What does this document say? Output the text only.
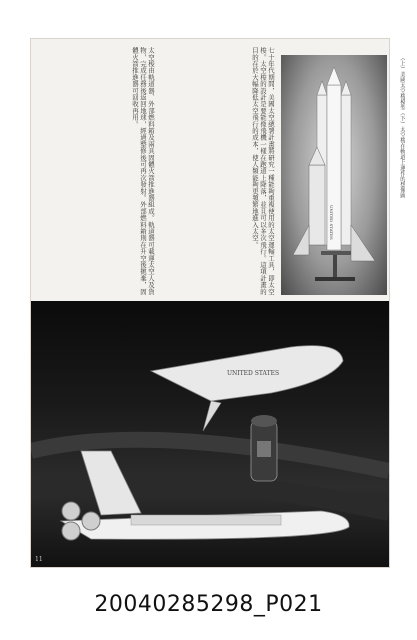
七十年代期間，美國太空總署計畫將研究一種能夠重複使用的太空運輸工具，即太空梭。太空梭的設計是要能像飛機一樣在跑道上降落，並且可以多次飛行。這項計畫的目的在於大幅降低太空飛行的成本，使人類能夠更頻繁地進入太空。
太空梭由軌道器、外部燃料箱及兩具固體火箭推進器組成。軌道器可載運太空人及貨物，完成任務後返回地球，經過整修後可再次發射。外部燃料箱則在升空後拋棄，固體火箭推進器可回收再用。
UNITED STATES
（上）美國太空梭模型（下）太空梭在軌道上運作的想像圖
UNITED STATES
11
20040285298_P021
